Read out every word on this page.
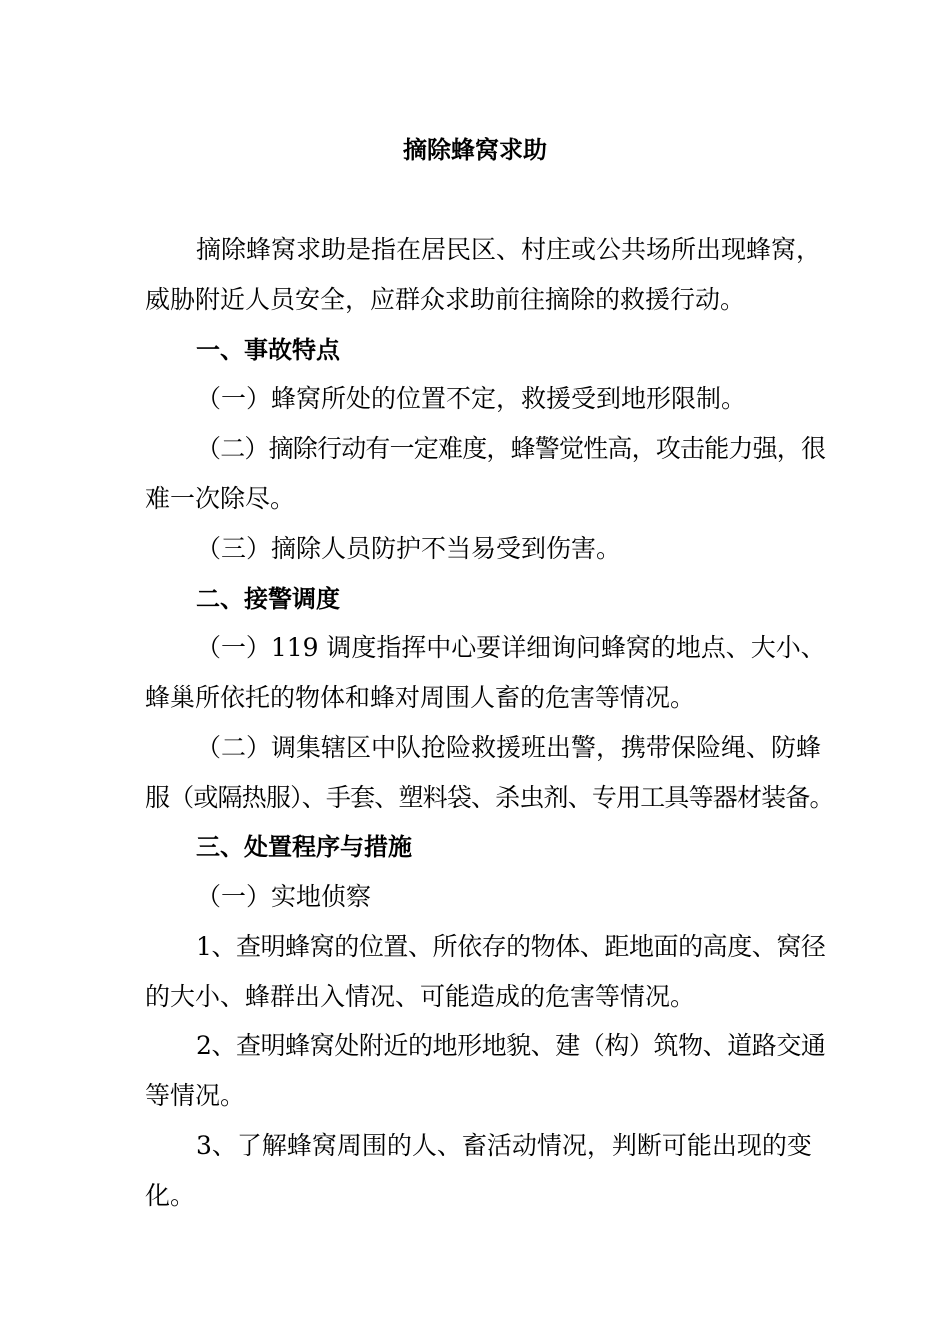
摘除蜂窝求助
摘除蜂窝求助是指在居民区、村庄或公共场所出现蜂窝，
威胁附近人员安全，应群众求助前往摘除的救援行动。
一、事故特点
（一）蜂窝所处的位置不定，救援受到地形限制。
（二）摘除行动有一定难度，蜂警觉性高，攻击能力强，很
难一次除尽。
（三）摘除人员防护不当易受到伤害。
二、接警调度
（一）119 调度指挥中心要详细询问蜂窝的地点、大小、
蜂巢所依托的物体和蜂对周围人畜的危害等情况。
（二）调集辖区中队抢险救援班出警，携带保险绳、防蜂
服（或隔热服）、手套、塑料袋、杀虫剂、专用工具等器材装备。
三、处置程序与措施
（一）实地侦察
1、查明蜂窝的位置、所依存的物体、距地面的高度、窝径
的大小、蜂群出入情况、可能造成的危害等情况。
2、查明蜂窝处附近的地形地貌、建（构）筑物、道路交通
等情况。
3、了解蜂窝周围的人、畜活动情况，判断可能出现的变
化。
